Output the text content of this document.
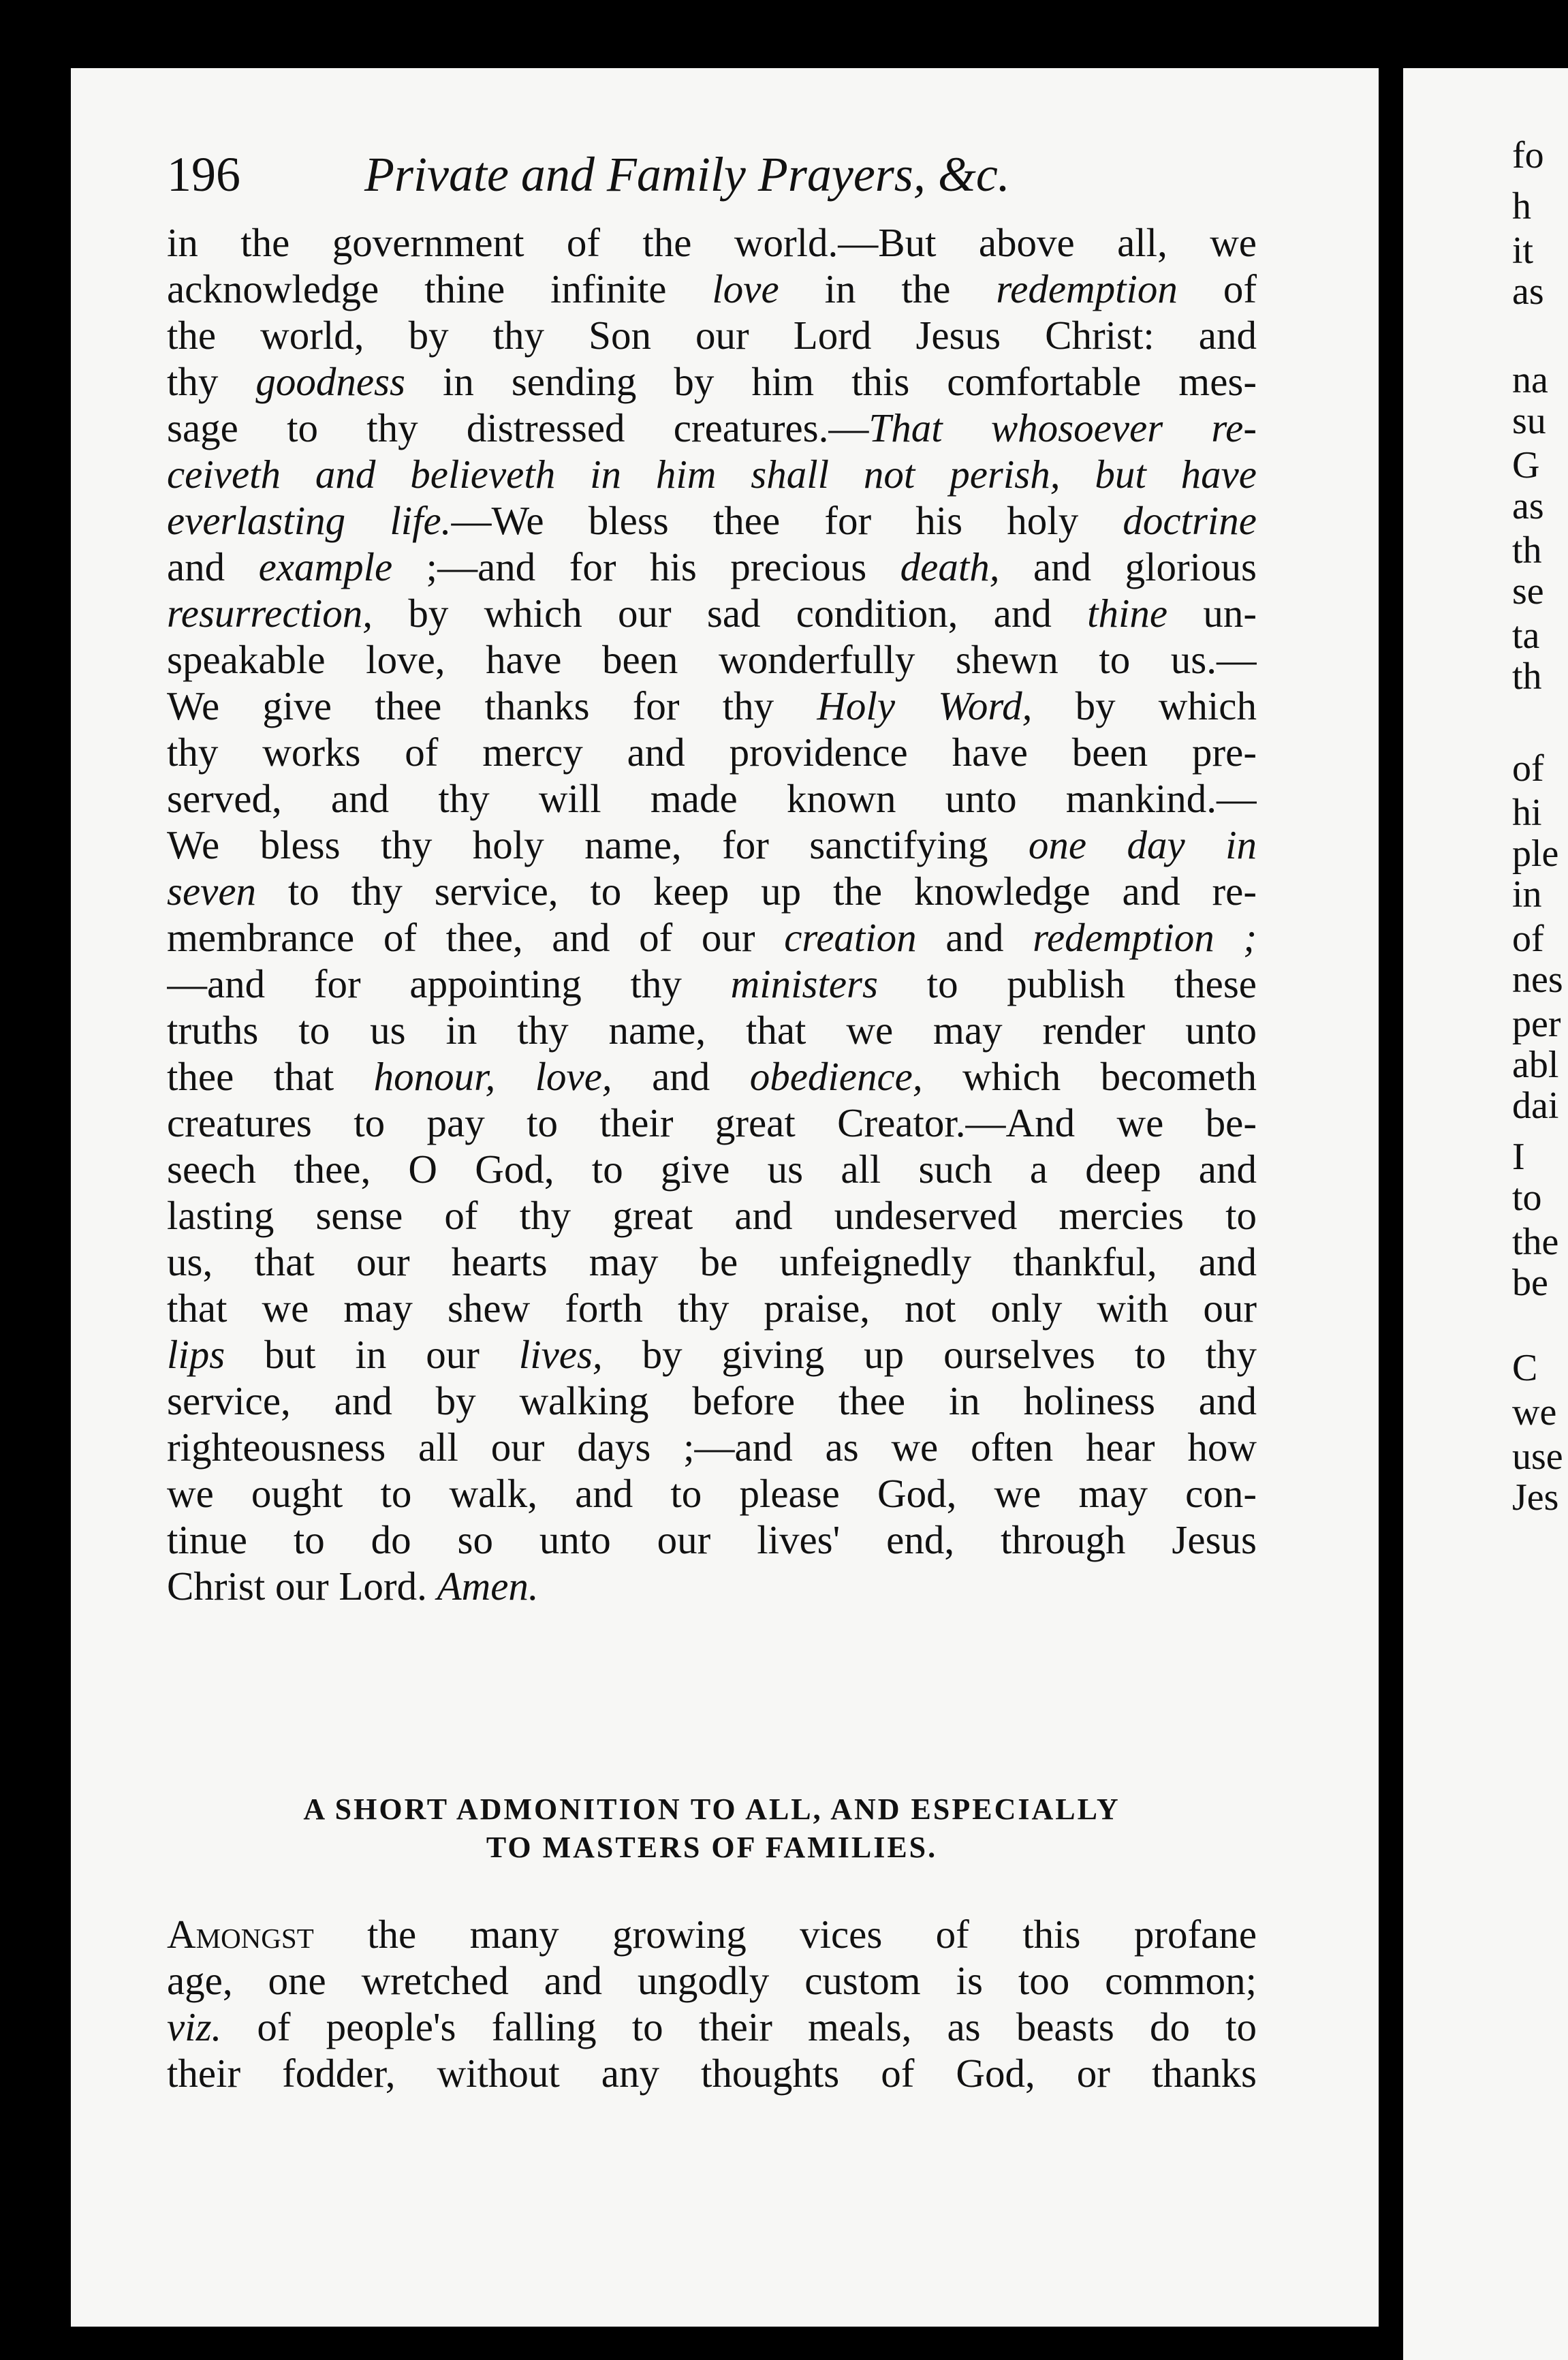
fo
h
it
as
na
su
G
as
th
se
ta
th
of
hi
ple
in
of
nes
per
abl
dai
I
to
the
be
C
we
use
Jes
196	Private and Family Prayers, &c.
in the government of the world.—But above all, we
acknowledge thine infinite love in the redemption of
the world, by thy Son our Lord Jesus Christ: and
thy goodness in sending by him this comfortable mes-
sage to thy distressed creatures.—That whosoever re-
ceiveth and believeth in him shall not perish, but have
everlasting life.—We bless thee for his holy doctrine
and example ;—and for his precious death, and glorious
resurrection, by which our sad condition, and thine un-
speakable love, have been wonderfully shewn to us.—
We give thee thanks for thy Holy Word, by which
thy works of mercy and providence have been pre-
served, and thy will made known unto mankind.—
We bless thy holy name, for sanctifying one day in
seven to thy service, to keep up the knowledge and re-
membrance of thee, and of our creation and redemption ;
—and for appointing thy ministers to publish these
truths to us in thy name, that we may render unto
thee that honour, love, and obedience, which becometh
creatures to pay to their great Creator.—And we be-
seech thee, O God, to give us all such a deep and
lasting sense of thy great and undeserved mercies to
us, that our hearts may be unfeignedly thankful, and
that we may shew forth thy praise, not only with our
lips but in our lives, by giving up ourselves to thy
service, and by walking before thee in holiness and
righteousness all our days ;—and as we often hear how
we ought to walk, and to please God, we may con-
tinue to do so unto our lives' end, through Jesus
Christ our Lord. Amen.
A SHORT ADMONITION TO ALL, AND ESPECIALLY
TO MASTERS OF FAMILIES.
Amongst the many growing vices of this profane
age, one wretched and ungodly custom is too common;
viz. of people's falling to their meals, as beasts do to
their fodder, without any thoughts of God, or thanks
